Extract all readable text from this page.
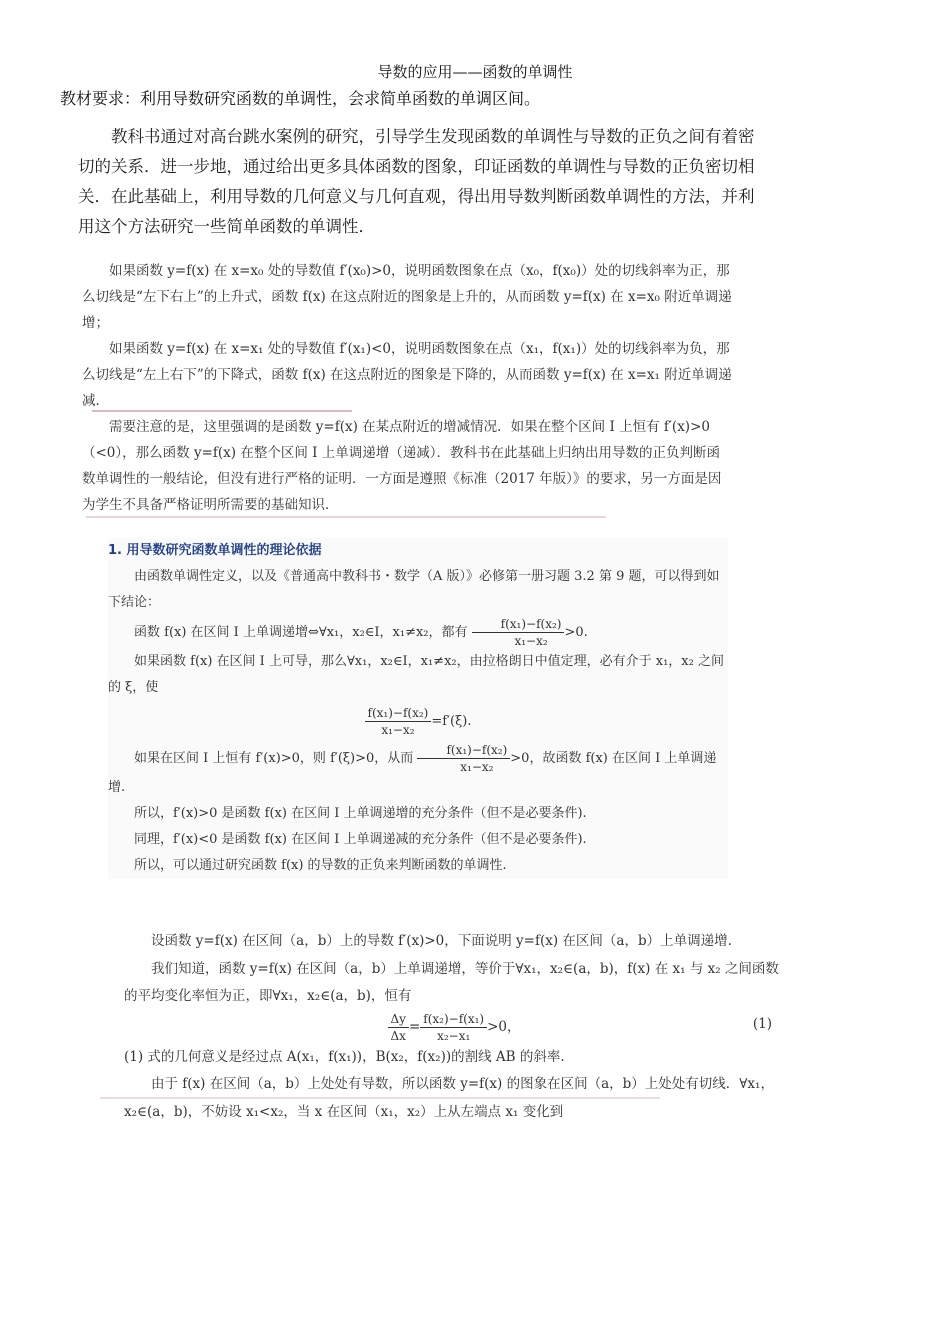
导数的应用——函数的单调性
教材要求：利用导数研究函数的单调性，会求简单函数的单调区间。

教科书通过对高台跳水案例的研究，引导学生发现函数的单调性与导数的正负之间有着密切的关系．进一步地，通过给出更多具体函数的图象，印证函数的单调性与导数的正负密切相关．在此基础上，利用导数的几何意义与几何直观，得出用导数判断函数单调性的方法，并利用这个方法研究一些简单函数的单调性．

如果函数 y=f(x) 在 x=x₀ 处的导数值 f′(x₀)>0，说明函数图象在点（x₀，f(x₀)）处的切线斜率为正，那么切线是“左下右上”的上升式，函数 f(x) 在这点附近的图象是上升的，从而函数 y=f(x) 在 x=x₀ 附近单调递增；

如果函数 y=f(x) 在 x=x₁ 处的导数值 f′(x₁)<0，说明函数图象在点（x₁，f(x₁)）处的切线斜率为负，那么切线是“左上右下”的下降式，函数 f(x) 在这点附近的图象是下降的，从而函数 y=f(x) 在 x=x₁ 附近单调递减．

需要注意的是，这里强调的是函数 y=f(x) 在某点附近的增减情况．如果在整个区间 I 上恒有 f′(x)>0（<0），那么函数 y=f(x) 在整个区间 I 上单调递增（递减）．教科书在此基础上归纳出用导数的正负判断函数单调性的一般结论，但没有进行严格的证明．一方面是遵照《标准（2017 年版）》的要求，另一方面是因为学生不具备严格证明所需要的基础知识．

1. 用导数研究函数单调性的理论依据

由函数单调性定义，以及《普通高中教科书・数学（A 版）》必修第一册习题 3.2 第 9 题，可以得到如下结论：

函数 f(x) 在区间 I 上单调递增⇔∀x₁，x₂∈I，x₁≠x₂，都有 $\frac{\text{f(x₁)−f(x₂)}}{\text{x₁−x₂}} >0$.

如果函数 f(x) 在区间 I 上可导，那么∀x₁，x₂∈I，x₁≠x₂，由拉格朗日中值定理，必有介于 x₁，x₂ 之间的 ξ，使

$\frac{\text{f(x₁)−f(x₂)}}{\text{x₁−x₂}} =f'(\xi)$.

如果在区间 I 上恒有 f′(x)>0，则 f′(ξ)>0，从而 $\frac{\text{f(x₁)−f(x₂)}}{\text{x₁−x₂}} >0$，故函数 f(x) 在区间 I 上单调递增.

所以，f′(x)>0 是函数 f(x) 在区间 I 上单调递增的充分条件（但不是必要条件).

同理，f′(x)<0 是函数 f(x) 在区间 I 上单调递减的充分条件（但不是必要条件).

所以，可以通过研究函数 f(x) 的导数的正负来判断函数的单调性.

设函数 y=f(x) 在区间（a，b）上的导数 f′(x)>0，下面说明 y=f(x) 在区间（a，b）上单调递增.

我们知道，函数 y=f(x) 在区间（a，b）上单调递增，等价于∀x₁，x₂∈(a，b)，f(x) 在 x₁ 与 x₂ 之间函数的平均变化率恒为正，即∀x₁，x₂∈(a，b)，恒有

$\frac{\Delta y}{\Delta x} = \frac{\text{f(x₂)−f(x₁)}}{\text{x₂−x₁}} >0$，	(1)

(1) 式的几何意义是经过点 A(x₁，f(x₁))，B(x₂，f(x₂))的割线 AB 的斜率.

由于 f(x) 在区间（a，b）上处处有导数，所以函数 y=f(x) 的图象在区间（a，b）上处处有切线．∀x₁，x₂∈(a，b)，不妨设 x₁<x₂，当 x 在区间（x₁，x₂）上从左端点 x₁ 变化到
